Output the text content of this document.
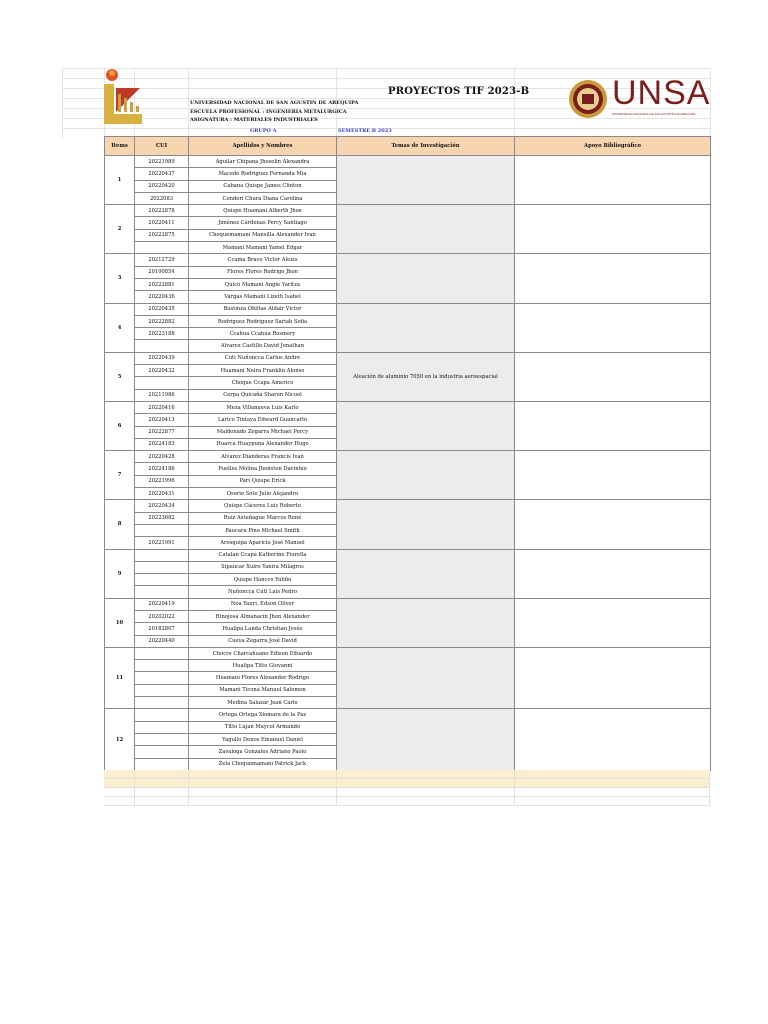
UNSA
UNIVERSIDAD NACIONAL DE SAN AGUSTÍN DE AREQUIPA
PROYECTOS TIF 2023-B
UNIVERSIDAD NACIONAL DE SAN AGUSTIN DE AREQUIPA
ESCUELA PROFESIONAL : INGENIERIA METALURGICA
ASIGNATURA : MATERIALES INDUSTRIALES
GRUPO A	SEMESTRE B 2023
Items	CUI	Apellidos y Nombres	Temas de Investigación	Apoyo Bibliográfico
1	20221989	Aguilar Chipana Jhoselin Alexandra		
	20220437	Macedo Rodriguez Fernanda Mia		
	20220420	Cabana Quispe James Clinton		
	2022083	Condori Chura Diana Carolina		
2	20222878	Quispe Huamani Alberth Jhoe		
	20220411	Jiménez Cárdenas Percy Santiago		
	20222875	Choquemamani Mansilla Alexander Ivan		
		Mamani Mamani Yamel Edgar		
3	20212729	Ccama Bravo Victor Alexis		
	20190854	Flores Flores Rodrigo Jhon		
	20222881	Quico Mamani Angie Yaritza		
	20220436	Vargas Mamani Lizeth Isabel		
4	20220435	Bustinza Ohlitas Aldair Victor		
	20222882	Rodriguez Rodriguez Sariah Sofia		
	20223188	Ccahua Ccahua Rosmery		
		Alvarez Castillo David Jonathan		
5	20220439	Cuti Nuñoncca Carlos Andre	Aleación de aluminio 7050 en la industria aeroespacial	
	20220432	Huamani Neira Franklin Alonso		
		Choque Ccapa Americo		
	20211986	Cerpa Quicaña Sharon Nicool		
6	20220416	Meza Villanueva Luis Karlo		
	20220413	Larico Tintaya Edward Guancarlo		
	20222877	Maldonado Zegarra Michael Percy		
	20224183	Huarca Huaypuna Alexander Hugo		
7	20220428	Alvarez Dianderas Francis Ivan		
	20224186	Puelles Molina Jhonston Davinhio		
	20221996	Pari Quispe Erick		
	20220431	Osorio Soto Julio Alejandro		
8	20220434	Quispe Cáceres Luis Roberto		
	20223682	Ruiz Astuñague Marcos René		
		Paucara Pino Michael Smith		
	20221991	Arosquipa Aparicio José Manuel		
9		Catalan Ccapa Katherine Fiorella		
		Sipaucar Xuiro Yanira Milagros		
		Quispe Hancco Yuliño		
		Nuñoncca Cuti Luis Pedro		
10	20220419	Noa Yauri, Edson Oliver		
	20202022	Hinojosa Almanacin Jhon Alexander		
	20182807	Hualipa Landa Christian Jesús		
	20220440	Cueva Zegarra José David		
11		Chocre Charcahuano Edison Eduardo		
		Hualipa Titto Giovanni		
		Huamani Flores Alexander Rodrigo		
		Mamani Ticona Manuel Salomon		
		Medina Salazar Jean Carlo		
12		Ortega Ortega Xiomara de la Paz		
		Titto Lujan Maycol Armando		
		Yagullo Denos Emanuel Daniel		
		Zavaloga Gonzales Adriano Paolo		
		Zela Choquemamani Patrick Jack		
